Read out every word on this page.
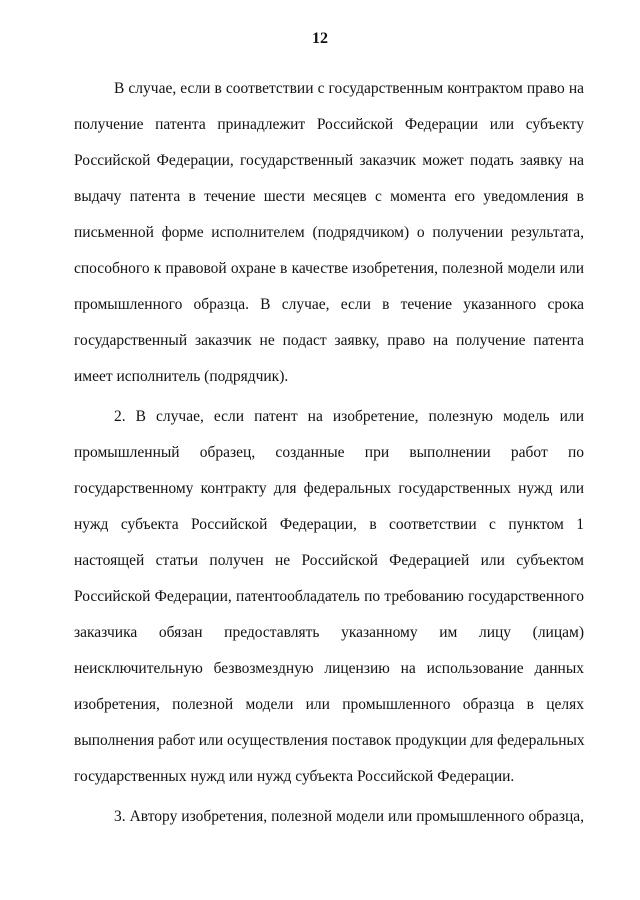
12
В случае, если в соответствии с государственным контрактом право на
получение патента принадлежит Российской Федерации или субъекту
Российской Федерации, государственный заказчик может подать заявку на
выдачу патента в течение шести месяцев с момента его уведомления в
письменной форме исполнителем (подрядчиком) о получении результата,
способного к правовой охране в качестве изобретения, полезной модели или
промышленного образца. В случае, если в течение указанного срока
государственный заказчик не подаст заявку, право на получение патента
имеет исполнитель (подрядчик).
2. В случае, если патент на изобретение, полезную модель или
промышленный образец, созданные при выполнении работ по
государственному контракту для федеральных государственных нужд или
нужд субъекта Российской Федерации, в соответствии с пунктом 1
настоящей статьи получен не Российской Федерацией или субъектом
Российской Федерации, патентообладатель по требованию государственного
заказчика обязан предоставлять указанному им лицу (лицам)
неисключительную безвозмездную лицензию на использование данных
изобретения, полезной модели или промышленного образца в целях
выполнения работ или осуществления поставок продукции для федеральных
государственных нужд или нужд субъекта Российской Федерации.
3. Автору изобретения, полезной модели или промышленного образца,
